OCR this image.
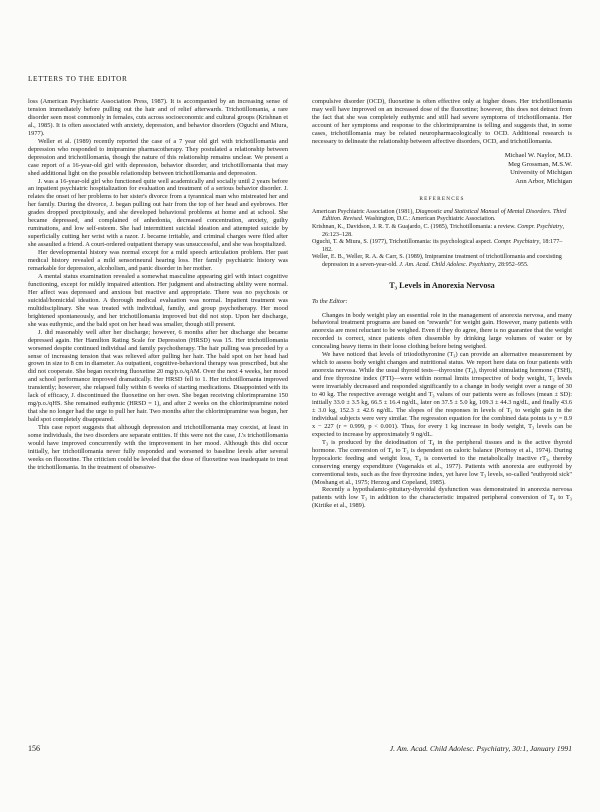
LETTERS TO THE EDITOR

loss (American Psychiatric Association Press, 1987). It is accompanied by an increasing sense of tension immediately before pulling out the hair and of relief afterwards. Trichotillomania, a rare disorder seen most commonly in females, cuts across socioeconomic and cultural groups (Krishnan et al., 1985). It is often associated with anxiety, depression, and behavior disorders (Oguchi and Miura, 1977).

Weller et al. (1989) recently reported the case of a 7 year old girl with trichotillomania and depression who responded to imipramine pharmacotherapy. They postulated a relationship between depression and trichotillomania, though the nature of this relationship remains unclear. We present a case report of a 16-year-old girl with depression, behavior disorder, and trichotillomania that may shed additional light on the possible relationship between trichotillomania and depression.

J. was a 16-year-old girl who functioned quite well academically and socially until 2 years before an inpatient psychiatric hospitalization for evaluation and treatment of a serious behavior disorder. J. relates the onset of her problems to her sister's divorce from a tyrannical man who mistreated her and her family. During the divorce, J. began pulling out hair from the top of her head and eyebrows. Her grades dropped precipitously, and she developed behavioral problems at home and at school. She became depressed, and complained of anhedonia, decreased concentration, anxiety, guilty ruminations, and low self-esteem. She had intermittent suicidal ideation and attempted suicide by superficially cutting her wrist with a razor. J. became irritable, and criminal charges were filed after she assaulted a friend. A court-ordered outpatient therapy was unsuccessful, and she was hospitalized.

Her developmental history was normal except for a mild speech articulation problem. Her past medical history revealed a mild sensorineural hearing loss. Her family psychiatric history was remarkable for depression, alcoholism, and panic disorder in her mother.

A mental status examination revealed a somewhat masculine appearing girl with intact cognitive functioning, except for mildly impaired attention. Her judgment and abstracting ability were normal. Her affect was depressed and anxious but reactive and appropriate. There was no psychosis or suicidal/homicidal ideation. A thorough medical evaluation was normal. Inpatient treatment was multidisciplinary. She was treated with individual, family, and group psychotherapy. Her mood brightened spontaneously, and her trichotillomania improved but did not stop. Upon her discharge, she was euthymic, and the bald spot on her head was smaller, though still present.

J. did reasonably well after her discharge; however, 6 months after her discharge she became depressed again. Her Hamilton Rating Scale for Depression (HRSD) was 15. Her trichotillomania worsened despite continued individual and family psychotherapy. The hair pulling was preceded by a sense of increasing tension that was relieved after pulling her hair. The bald spot on her head had grown in size to 8 cm in diameter. As outpatient, cognitive-behavioral therapy was prescribed, but she did not cooperate. She began receiving fluoxetine 20 mg/p.o./qAM. Over the next 4 weeks, her mood and school performance improved dramatically. Her HRSD fell to 1. Her trichotillomania improved transiently; however, she relapsed fully within 6 weeks of starting medications. Disappointed with its lack of efficacy, J. discontinued the fluoxetine on her own. She began receiving chlorimpramine 150 mg/p.o./qHS. She remained euthymic (HRSD = 1), and after 2 weeks on the chlorimipramine noted that she no longer had the urge to pull her hair. Two months after the chlorimipramine was begun, her bald spot completely disappeared.

This case report suggests that although depression and trichotillomania may coexist, at least in some individuals, the two disorders are separate entities. If this were not the case, J.'s trichotillomania would have improved concurrently with the improvement in her mood. Although this did occur initially, her trichotillomania never fully responded and worsened to baseline levels after several weeks on fluoxetine. The criticism could be leveled that the dose of fluoxetine was inadequate to treat the trichotillomania. In the treatment of obsessive-

compulsive disorder (OCD), fluoxetine is often effective only at higher doses. Her trichotillomania may well have improved on an increased dose of the fluoxetine; however, this does not detract from the fact that she was completely euthymic and still had severe symptoms of trichotillomania. Her account of her symptoms and response to the chlorimipramine is telling and suggests that, in some cases, trichotillomania may be related neuropharmacologically to OCD. Additional research is necessary to delineate the relationship between affective disorders, OCD, and trichotillomania.

Michael W. Naylor, M.D.
Meg Grossman, M.S.W.
University of Michigan
Ann Arbor, Michigan
REFERENCES
American Psychiatric Association (1981), Diagnostic and Statistical Manual of Mental Disorders. Third Edition. Revised. Washington, D.C.: American Psychiatric Association.
Krishnan, K., Davidson, J. R. T. & Guajardo, C. (1985), Trichotillomania: a review. Compr. Psychiatry, 26:123–128.
Oguchi, T. & Miura, S. (1977), Trichotillomania: its psychological aspect. Compr. Psychiatry, 18:177–182.
Weller, E. B., Weller, R. A. & Carr, S. (1989), Imipramine treatment of trichotillomania and coexisting depression in a seven-year-old. J. Am. Acad. Child Adolesc. Psychiatry, 28:952–955.
T₃ Levels in Anorexia Nervosa
To the Editor:

Changes in body weight play an essential role in the management of anorexia nervosa, and many behavioral treatment programs are based on "rewards" for weight gain. However, many patients with anorexia are most reluctant to be weighed. Even if they do agree, there is no guarantee that the weight recorded is correct, since patients often dissemble by drinking large volumes of water or by concealing heavy items in their loose clothing before being weighed.

We have noticed that levels of triiodothyronine (T₃) can provide an alternative measurement by which to assess body weight changes and nutritional status. We report here data on four patients with anorexia nervosa. While the usual thyroid tests—thyroxine (T₄), thyroid stimulating hormone (TSH), and free thyroxine index (FTI)—were within normal limits irrespective of body weight, T₃ levels were invariably decreased and responded significantly to a change in body weight over a range of 30 to 40 kg. The respective average weight and T₃ values of our patients were as follows (mean ± SD): initially 33.0 ± 3.5 kg, 66.5 ± 16.4 ng/dL, later on 37.5 ± 5.0 kg, 109.3 ± 44.3 ng/dL, and finally 43.6 ± 3.0 kg, 152.3 ± 42.6 ng/dL. The slopes of the responses in levels of T₃ to weight gain in the individual subjects were very similar. The regression equation for the combined data points is y = 8.9 x − 227 (r = 0.999, p < 0.001). Thus, for every 1 kg increase in body weight, T₃ levels can be expected to increase by approximately 9 ng/dL.

T₃ is produced by the deiodination of T₄ in the peripheral tissues and is the active thyroid hormone. The conversion of T₄ to T₃ is dependent on caloric balance (Portnoy et al., 1974). During hypocaloric feeding and weight loss, T₄ is converted to the metabolically inactive rT₃, thereby conserving energy expenditure (Vagenakis et al., 1977). Patients with anorexia are euthyroid by conventional tests, such as the free thyroxine index, yet have low T₃ levels, so-called "euthyroid sick" (Moshang et al., 1975; Herzog and Copeland, 1985).

Recently a hypothalamic-pituitary-thyroidal dysfunction was demonstrated in anorexia nervosa patients with low T₃ in addition to the characteristic impaired peripheral conversion of T₄ to T₃ (Kiriike et al., 1989).

156	J. Am. Acad. Child Adolesc. Psychiatry, 30:1, January 1991
